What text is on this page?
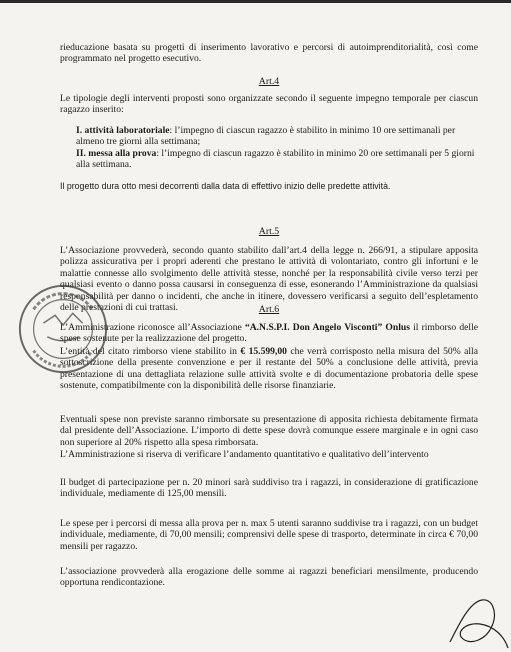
rieducazione basata su progetti di inserimento lavorativo e percorsi di autoimprenditorialità, così come programmato nel progetto esecutivo.

Art.4

Le tipologie degli interventi proposti sono organizzate secondo il seguente impegno temporale per ciascun ragazzo inserito:

I. attività laboratoriale: l’impegno di ciascun ragazzo è stabilito in minimo 10 ore settimanali per almeno tre giorni alla settimana;

II. messa alla prova: l’impegno di ciascun ragazzo è stabilito in minimo 20 ore settimanali per 5 giorni alla settimana.

Il progetto dura otto mesi decorrenti dalla data di effettivo inizio delle predette attività.

Art.5

L’Associazione provvederà, secondo quanto stabilito dall’art.4 della legge n. 266/91, a stipulare apposita polizza assicurativa per i propri aderenti che prestano le attività di volontariato, contro gli infortuni e le malattie connesse allo svolgimento delle attività stesse, nonché per la responsabilità civile verso terzi per qualsiasi evento o danno possa causarsi in conseguenza di esse, esonerando l’Amministrazione da qualsiasi responsabilità per danno o incidenti, che anche in itinere, dovessero verificarsi a seguito dell’espletamento delle prestazioni di cui trattasi.	Art.6

L’Amministrazione riconosce all’Associazione “A.N.S.P.I. Don Angelo Visconti” Onlus il rimborso delle spese sostenute per la realizzazione del progetto.

L’entità del citato rimborso viene stabilito in € 15.599,00 che verrà corrisposto nella misura del 50% alla sottoscrizione della presente convenzione e per il restante del 50% a conclusione delle attività, previa presentazione di una dettagliata relazione sulle attività svolte e di documentazione probatoria delle spese sostenute, compatibilmente con la disponibilità delle risorse finanziarie.

Eventuali spese non previste saranno rimborsate su presentazione di apposita richiesta debitamente firmata dal presidente dell’Associazione. L’importo di dette spese dovrà comunque essere marginale e in ogni caso non superiore al 20% rispetto alla spesa rimborsata.

L’Amministrazione si riserva di verificare l’andamento quantitativo e qualitativo dell’intervento

Il budget di partecipazione per n. 20 minori sarà suddiviso tra i ragazzi, in considerazione di gratificazione individuale, mediamente di 125,00 mensili.

Le spese per i percorsi di messa alla prova per n. max 5 utenti saranno suddivise tra i ragazzi, con un budget individuale, mediamente, di 70,00 mensili; comprensivi delle spese di trasporto, determinate in circa € 70,00 mensili per ragazzo.

L’associazione provvederà alla erogazione delle somme ai ragazzi beneficiari mensilmente, producendo opportuna rendicontazione.
